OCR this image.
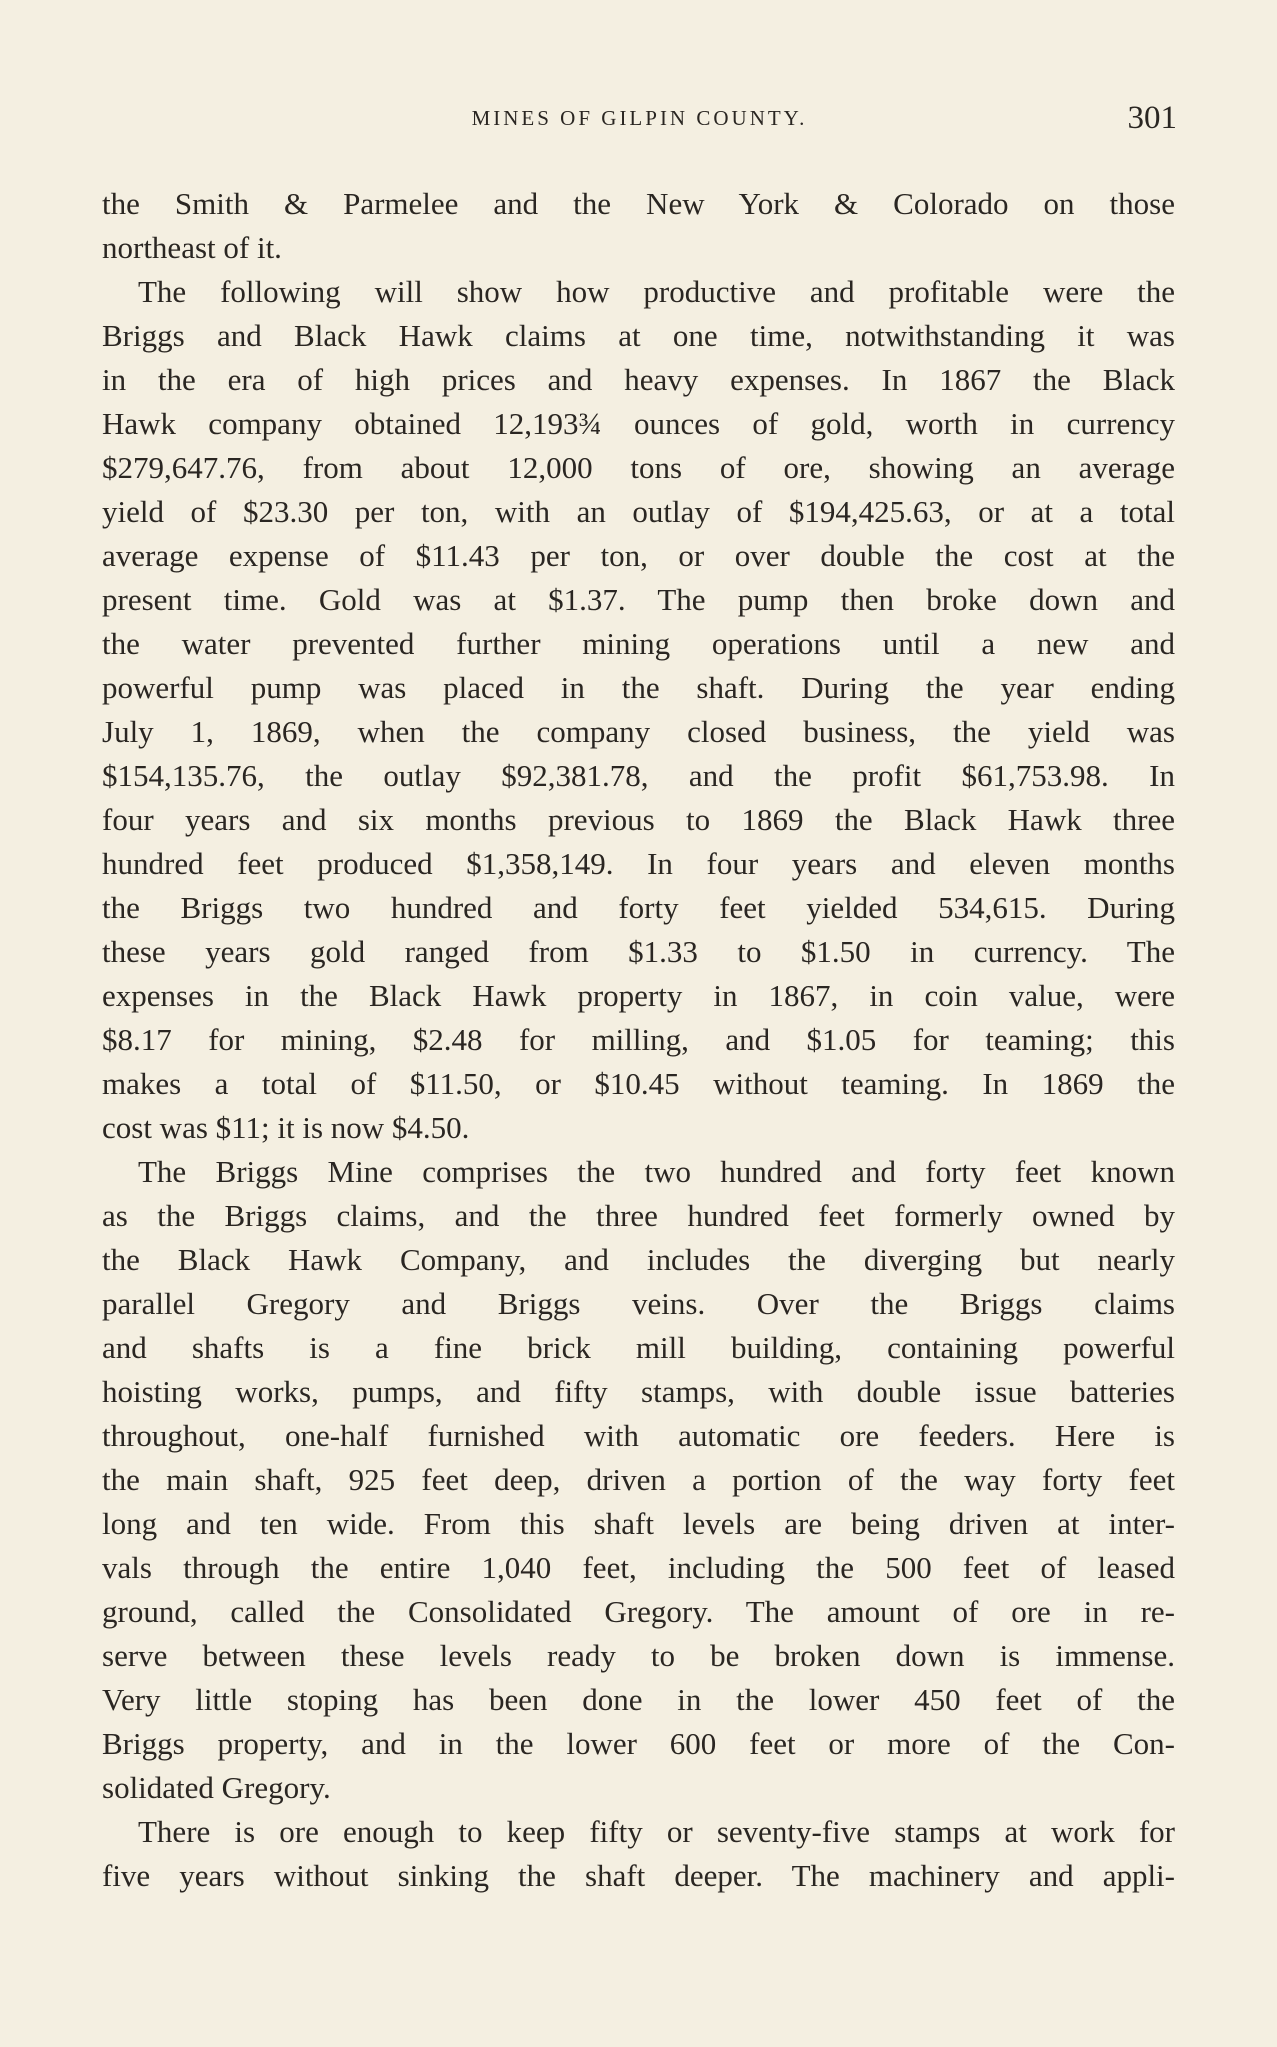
MINES OF GILPIN COUNTY.	301
the Smith & Parmelee and the New York & Colorado on those
northeast of it.
The following will show how productive and profitable were the
Briggs and Black Hawk claims at one time, notwithstanding it was
in the era of high prices and heavy expenses. In 1867 the Black
Hawk company obtained 12,193¾ ounces of gold, worth in currency
$279,647.76, from about 12,000 tons of ore, showing an average
yield of $23.30 per ton, with an outlay of $194,425.63, or at a total
average expense of $11.43 per ton, or over double the cost at the
present time. Gold was at $1.37. The pump then broke down and
the water prevented further mining operations until a new and
powerful pump was placed in the shaft. During the year ending
July 1, 1869, when the company closed business, the yield was
$154,135.76, the outlay $92,381.78, and the profit $61,753.98. In
four years and six months previous to 1869 the Black Hawk three
hundred feet produced $1,358,149. In four years and eleven months
the Briggs two hundred and forty feet yielded 534,615. During
these years gold ranged from $1.33 to $1.50 in currency. The
expenses in the Black Hawk property in 1867, in coin value, were
$8.17 for mining, $2.48 for milling, and $1.05 for teaming; this
makes a total of $11.50, or $10.45 without teaming. In 1869 the
cost was $11; it is now $4.50.
The Briggs Mine comprises the two hundred and forty feet known
as the Briggs claims, and the three hundred feet formerly owned by
the Black Hawk Company, and includes the diverging but nearly
parallel Gregory and Briggs veins. Over the Briggs claims
and shafts is a fine brick mill building, containing powerful
hoisting works, pumps, and fifty stamps, with double issue batteries
throughout, one-half furnished with automatic ore feeders. Here is
the main shaft, 925 feet deep, driven a portion of the way forty feet
long and ten wide. From this shaft levels are being driven at inter-
vals through the entire 1,040 feet, including the 500 feet of leased
ground, called the Consolidated Gregory. The amount of ore in re-
serve between these levels ready to be broken down is immense.
Very little stoping has been done in the lower 450 feet of the
Briggs property, and in the lower 600 feet or more of the Con-
solidated Gregory.
There is ore enough to keep fifty or seventy-five stamps at work for
five years without sinking the shaft deeper. The machinery and appli-
